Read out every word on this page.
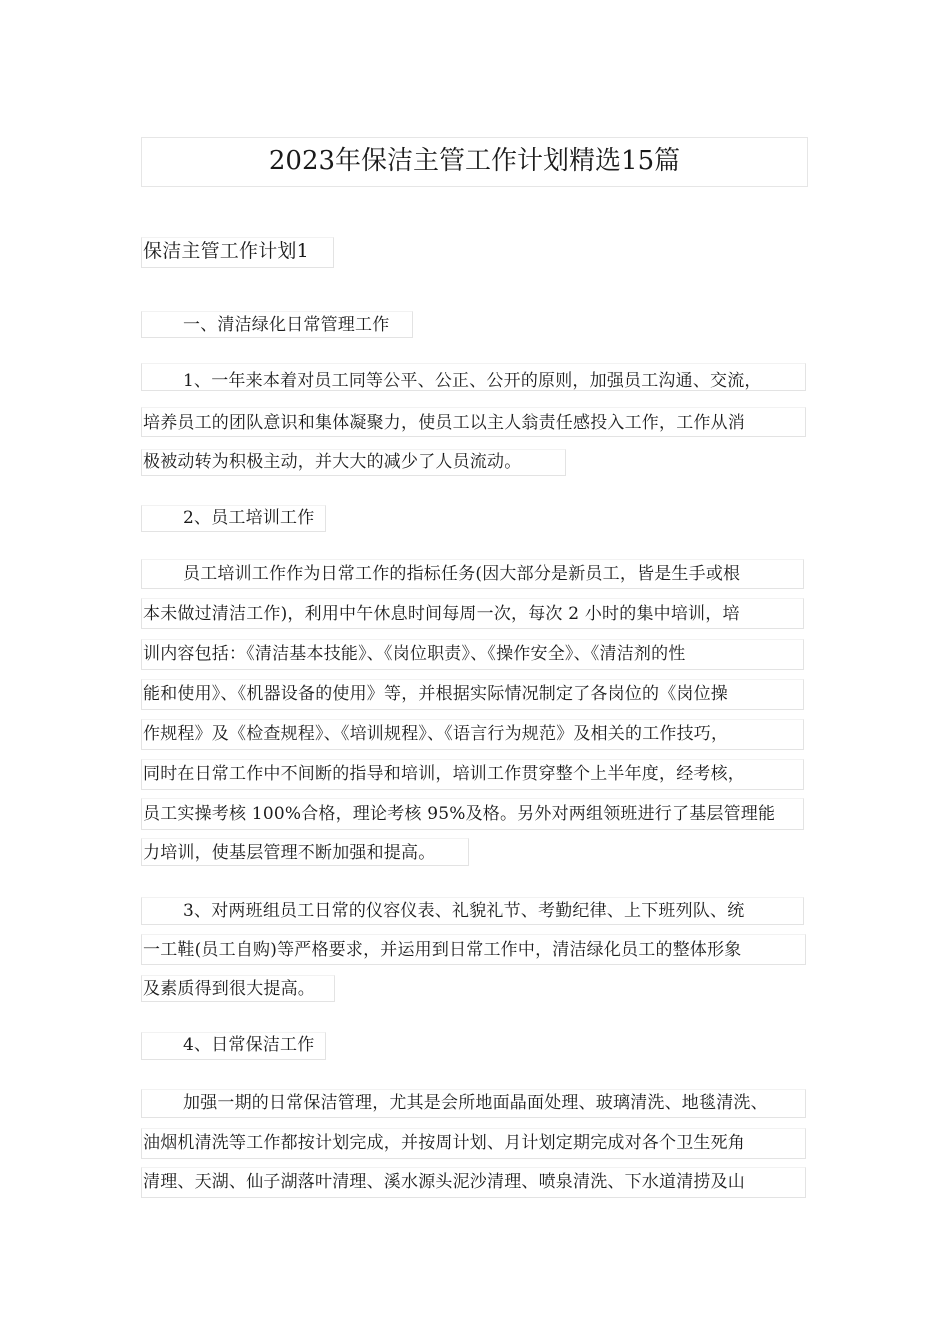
2023年保洁主管工作计划精选15篇
保洁主管工作计划1
一、清洁绿化日常管理工作
1、一年来本着对员工同等公平、公正、公开的原则，加强员工沟通、交流，
培养员工的团队意识和集体凝聚力，使员工以主人翁责任感投入工作，工作从消
极被动转为积极主动，并大大的减少了人员流动。
2、员工培训工作
员工培训工作作为日常工作的指标任务(因大部分是新员工，皆是生手或根
本未做过清洁工作)，利用中午休息时间每周一次，每次 2 小时的集中培训，培
训内容包括：《清洁基本技能》、《岗位职责》、《操作安全》、《清洁剂的性
能和使用》、《机器设备的使用》等，并根据实际情况制定了各岗位的《岗位操
作规程》及《检查规程》、《培训规程》、《语言行为规范》及相关的工作技巧，
同时在日常工作中不间断的指导和培训，培训工作贯穿整个上半年度，经考核，
员工实操考核 100%合格，理论考核 95%及格。另外对两组领班进行了基层管理能
力培训，使基层管理不断加强和提高。
3、对两班组员工日常的仪容仪表、礼貌礼节、考勤纪律、上下班列队、统
一工鞋(员工自购)等严格要求，并运用到日常工作中，清洁绿化员工的整体形象
及素质得到很大提高。
4、日常保洁工作
加强一期的日常保洁管理，尤其是会所地面晶面处理、玻璃清洗、地毯清洗、
油烟机清洗等工作都按计划完成，并按周计划、月计划定期完成对各个卫生死角
清理、天湖、仙子湖落叶清理、溪水源头泥沙清理、喷泉清洗、下水道清捞及山
